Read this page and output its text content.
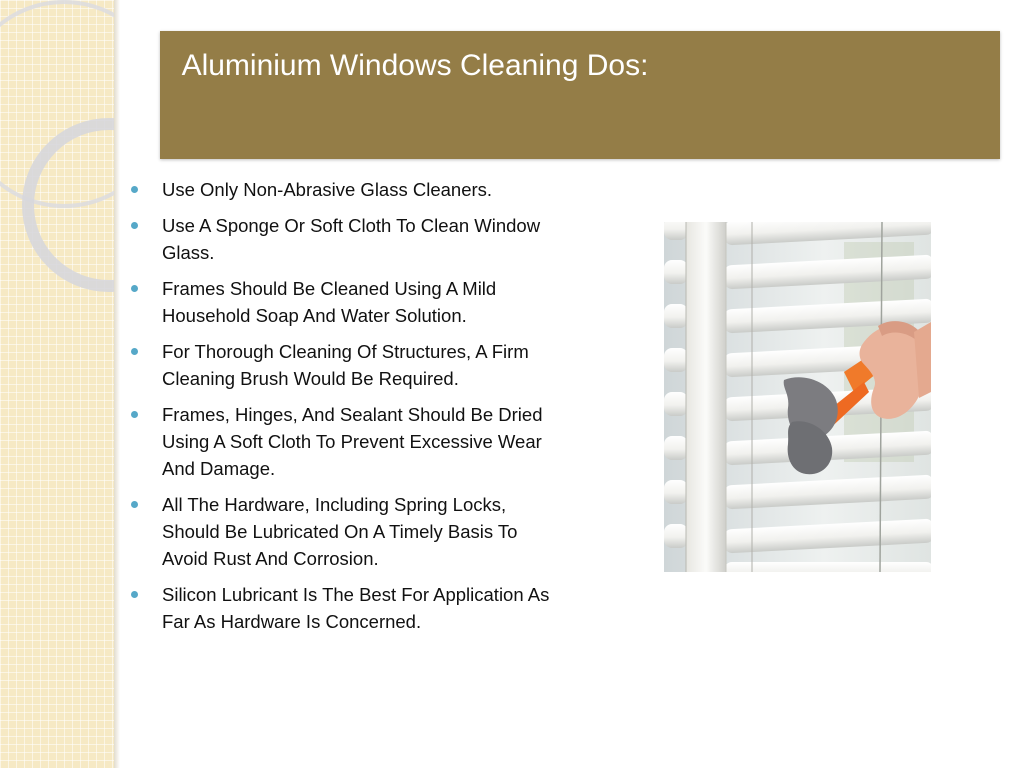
Aluminium Windows Cleaning Dos:
Use Only Non-Abrasive Glass Cleaners.
Use A Sponge Or Soft Cloth To Clean Window Glass.
Frames Should Be Cleaned Using A Mild Household Soap And Water Solution.
For Thorough Cleaning Of Structures, A Firm Cleaning Brush Would Be Required.
Frames, Hinges, And Sealant Should Be Dried Using A Soft Cloth To Prevent Excessive Wear And Damage.
All The Hardware, Including Spring Locks, Should Be Lubricated On A Timely Basis To Avoid Rust And Corrosion.
Silicon Lubricant Is The Best For Application As Far As Hardware Is Concerned.
